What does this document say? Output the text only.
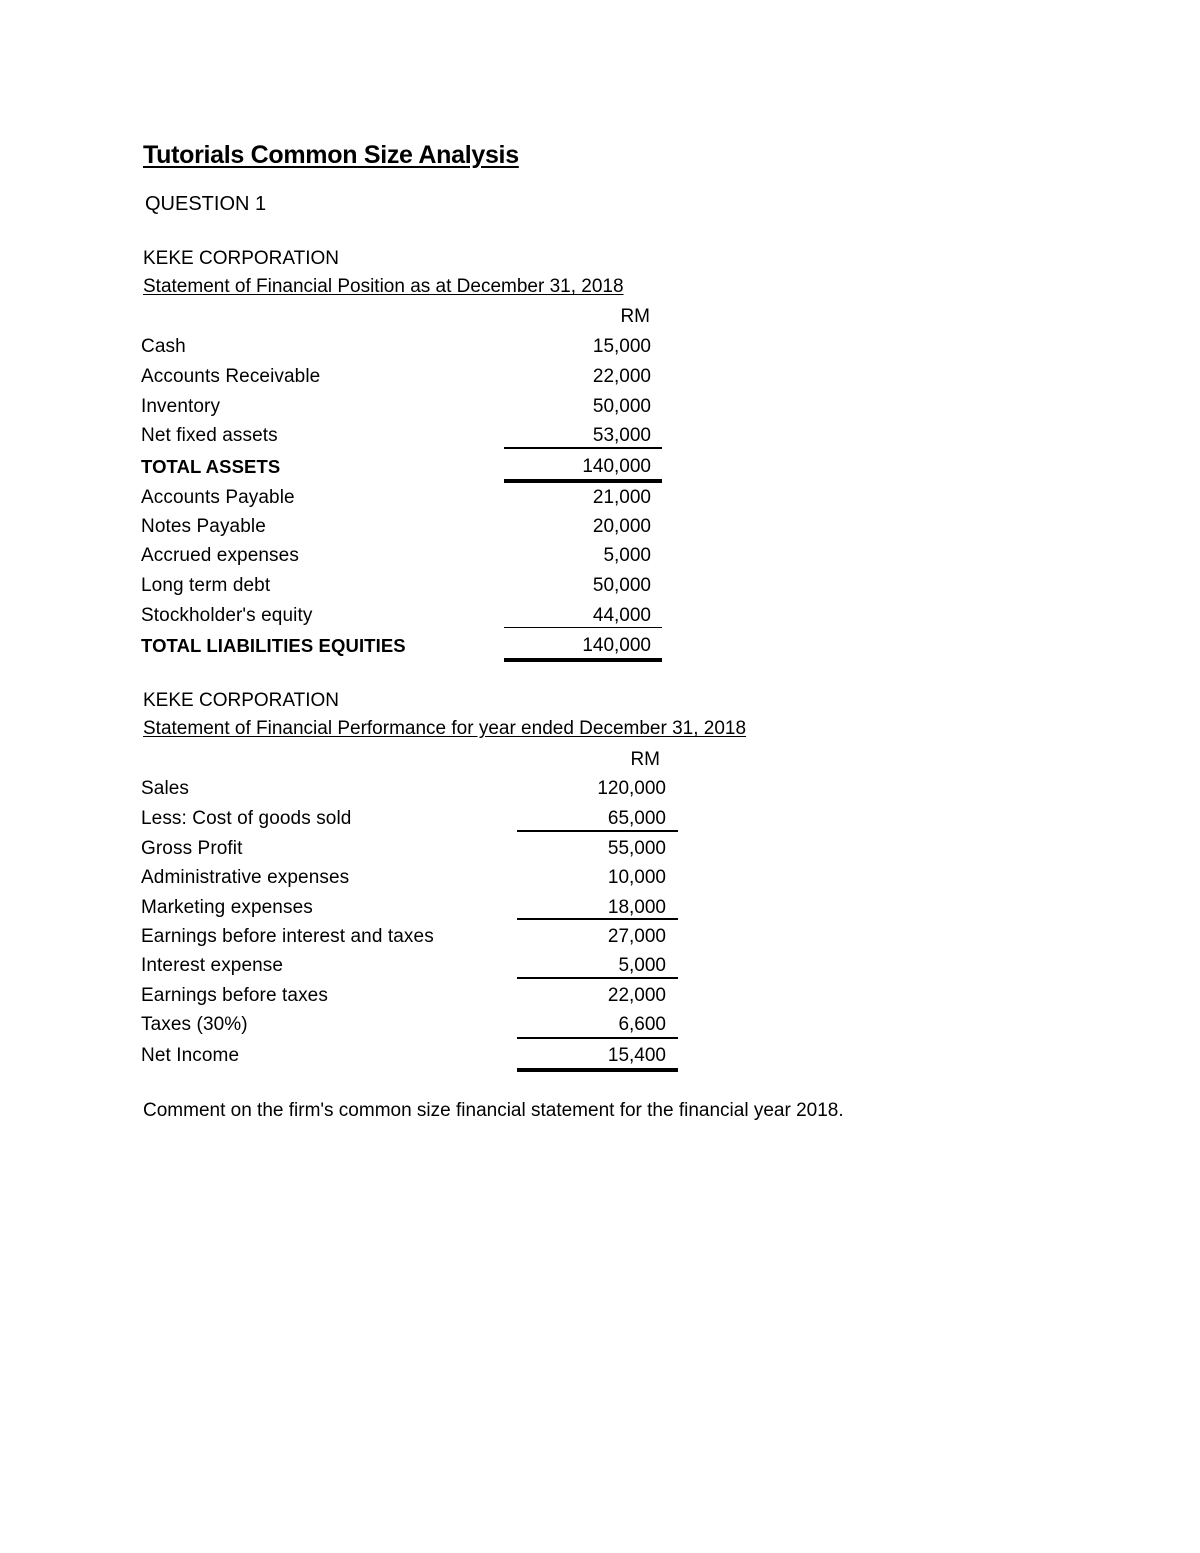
Tutorials Common Size Analysis
QUESTION 1
KEKE CORPORATION
Statement of Financial Position as at December 31, 2018
RM
Cash	15,000
Accounts Receivable	22,000
Inventory	50,000
Net fixed assets	53,000
TOTAL ASSETS	140,000
Accounts Payable	21,000
Notes Payable	20,000
Accrued expenses	5,000
Long term debt	50,000
Stockholder's equity	44,000
TOTAL LIABILITIES EQUITIES	140,000
KEKE CORPORATION
Statement of Financial Performance for year ended December 31, 2018
RM
Sales	120,000
Less: Cost of goods sold	65,000
Gross Profit	55,000
Administrative expenses	10,000
Marketing expenses	18,000
Earnings before interest and taxes	27,000
Interest expense	5,000
Earnings before taxes	22,000
Taxes (30%)	6,600
Net Income	15,400
Comment on the firm's common size financial statement for the financial year 2018.
